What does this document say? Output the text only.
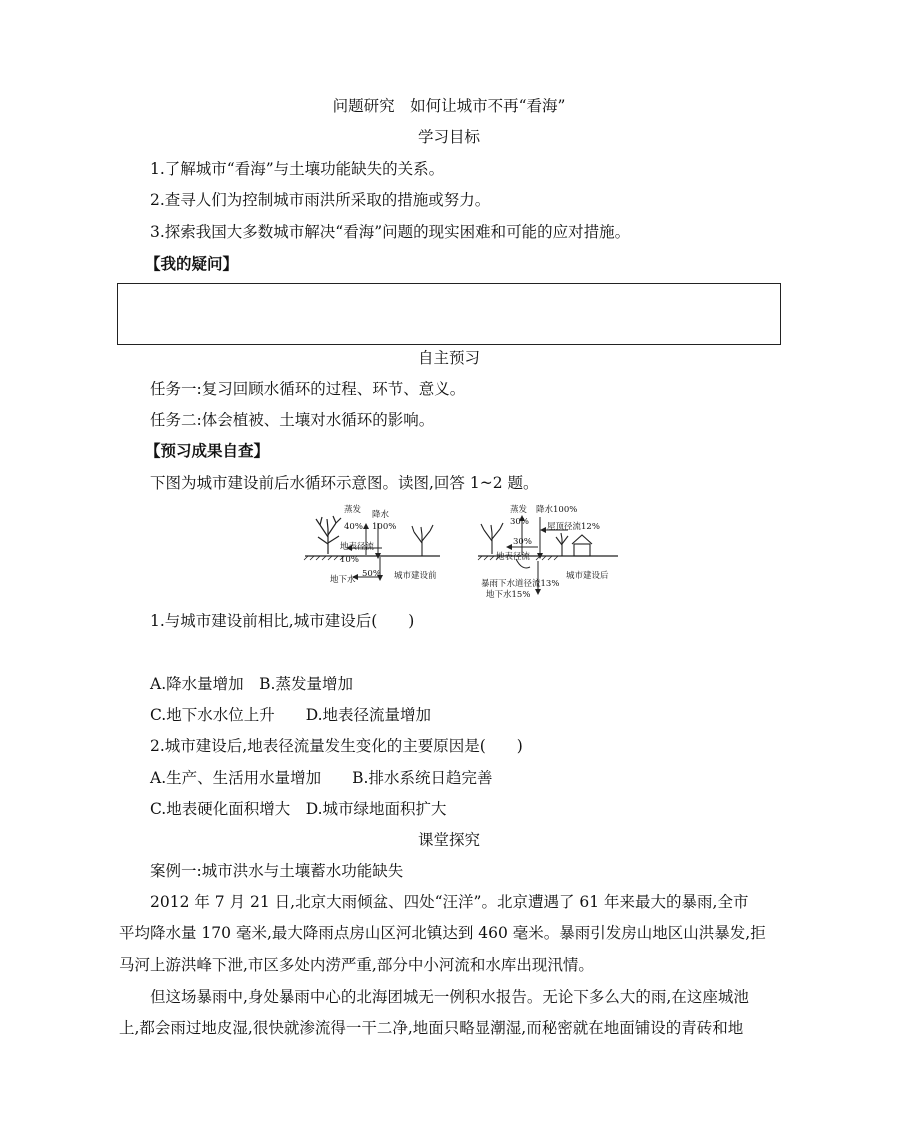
问题研究　如何让城市不再“看海”
学习目标
1.了解城市“看海”与土壤功能缺失的关系。
2.查寻人们为控制城市雨洪所采取的措施或努力。
3.探索我国大多数城市解决“看海”问题的现实困难和可能的应对措施。
【我的疑问】
自主预习
任务一:复习回顾水循环的过程、环节、意义。
任务二:体会植被、土壤对水循环的影响。
【预习成果自查】
下图为城市建设前后水循环示意图。读图,回答 1~2 题。
蒸发
40%
降水
100%
地表径流
10%
50%
地下水	城市建设前
蒸发
30%
降水100%
屋顶径流12%
30%
地表径流
暴雨下水道径流13%
地下水15%
城市建设后
1.与城市建设前相比,城市建设后(　　)
A.降水量增加　B.蒸发量增加
C.地下水水位上升　　D.地表径流量增加
2.城市建设后,地表径流量发生变化的主要原因是(　　)
A.生产、生活用水量增加　　B.排水系统日趋完善
C.地表硬化面积增大　D.城市绿地面积扩大
课堂探究
案例一:城市洪水与土壤蓄水功能缺失
2012 年 7 月 21 日,北京大雨倾盆、四处“汪洋”。北京遭遇了 61 年来最大的暴雨,全市
平均降水量 170 毫米,最大降雨点房山区河北镇达到 460 毫米。暴雨引发房山地区山洪暴发,拒
马河上游洪峰下泄,市区多处内涝严重,部分中小河流和水库出现汛情。
但这场暴雨中,身处暴雨中心的北海团城无一例积水报告。无论下多么大的雨,在这座城池
上,都会雨过地皮湿,很快就渗流得一干二净,地面只略显潮湿,而秘密就在地面铺设的青砖和地
